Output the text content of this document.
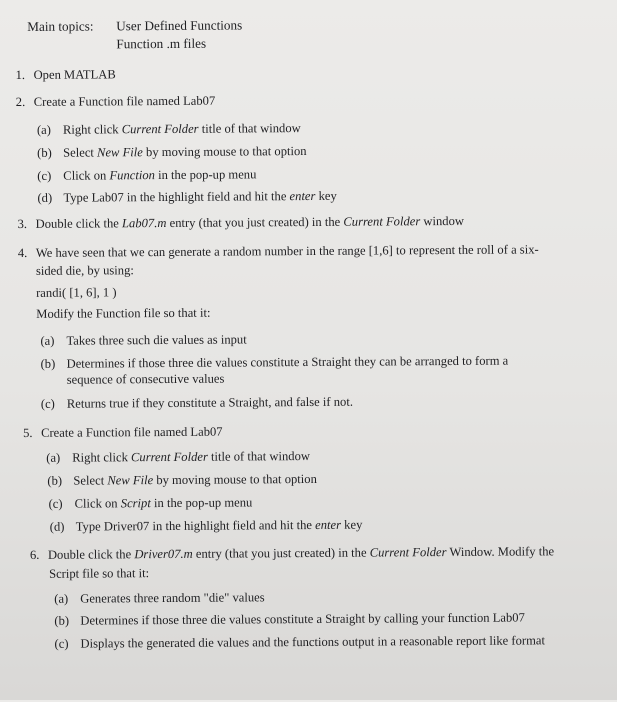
Main topics: User Defined Functions
Function .m files
1. Open MATLAB
2. Create a Function file named Lab07
(a) Right click Current Folder title of that window
(b) Select New File by moving mouse to that option
(c) Click on Function in the pop-up menu
(d) Type Lab07 in the highlight field and hit the enter key
3. Double click the Lab07.m entry (that you just created) in the Current Folder window
4. We have seen that we can generate a random number in the range [1,6] to represent the roll of a six-
sided die, by using:
randi( [1, 6], 1 )
Modify the Function file so that it:
(a) Takes three such die values as input
(b) Determines if those three die values constitute a Straight they can be arranged to form a
sequence of consecutive values
(c) Returns true if they constitute a Straight, and false if not.
5. Create a Function file named Lab07
(a) Right click Current Folder title of that window
(b) Select New File by moving mouse to that option
(c) Click on Script in the pop-up menu
(d) Type Driver07 in the highlight field and hit the enter key
6. Double click the Driver07.m entry (that you just created) in the Current Folder Window. Modify the
Script file so that it:
(a) Generates three random "die" values
(b) Determines if those three die values constitute a Straight by calling your function Lab07
(c) Displays the generated die values and the functions output in a reasonable report like format
